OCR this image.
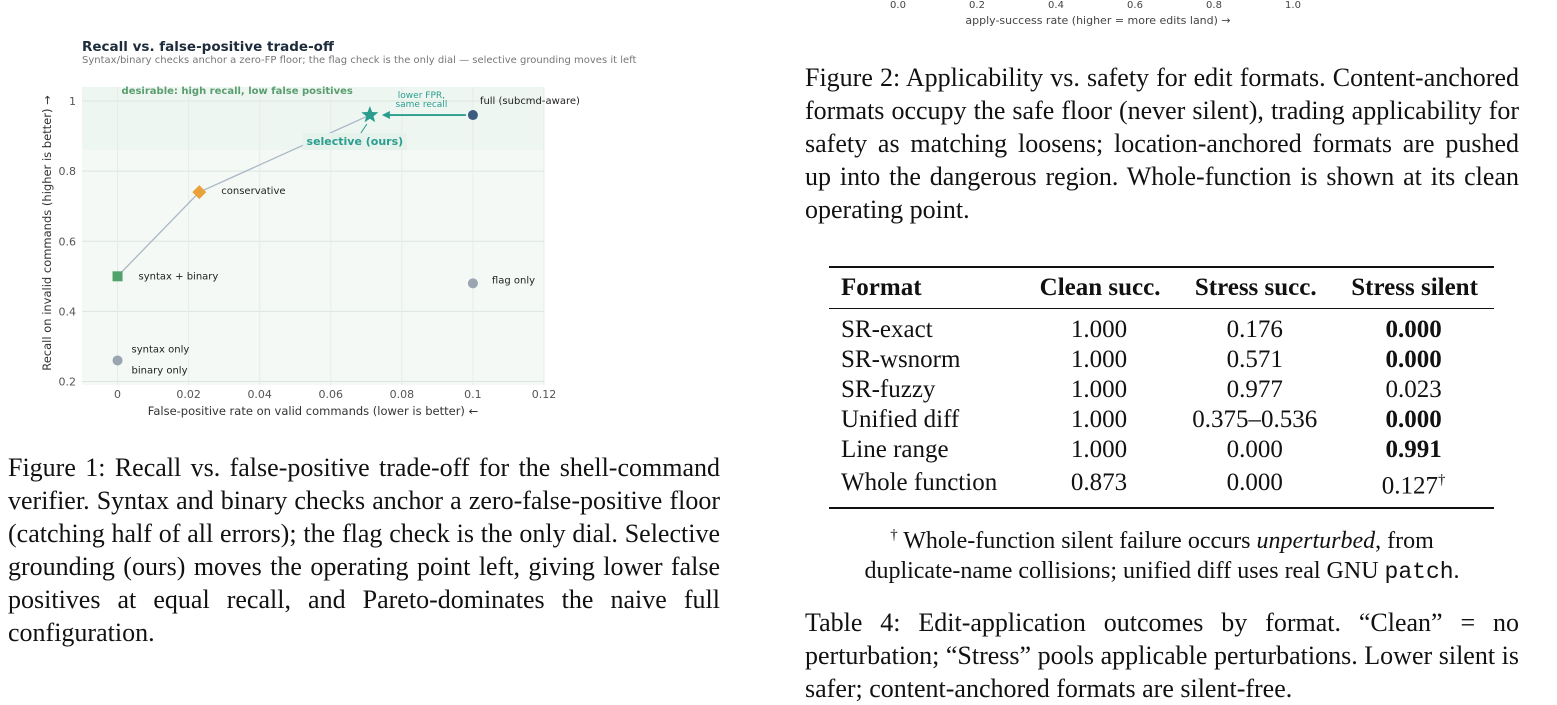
0.0	0.2	0.4	0.6	0.8	1.0
apply-success rate (higher = more edits land) →
0.2
0.4
0.6
0.8
1
0	0.02	0.04	0.06	0.08	0.1	0.12
Recall vs. false-positive trade-off
Syntax/binary checks anchor a zero-FP floor; the flag check is the only dial — selective grounding moves it left
False-positive rate on valid commands (lower is better) ←
Recall on invalid commands (higher is better) →
desirable: high recall, low false positives	lower FPR,
same recall	full (subcmd-aware)
selective (ours)
conservative
syntax + binary	flag only
syntax only
binary only
Figure 1: Recall vs. false-positive trade-off for the shell-command verifier. Syntax and binary checks anchor a zero-false-positive floor (catching half of all errors); the flag check is the only dial. Selective grounding (ours) moves the operating point left, giving lower false positives at equal recall, and Pareto-dominates the naive full configuration.
Figure 2: Applicability vs. safety for edit formats. Content-anchored formats occupy the safe floor (never silent), trading applicability for safety as matching loosens; location-anchored formats are pushed up into the dangerous region. Whole-function is shown at its clean operating point.
Format	Clean succ.	Stress succ.	Stress silent
SR-exact	1.000	0.176	0.000
SR-wsnorm	1.000	0.571	0.000
SR-fuzzy	1.000	0.977	0.023
Unified diff	1.000	0.375–0.536	0.000
Line range	1.000	0.000	0.991
Whole function	0.873	0.000	0.127†
† Whole-function silent failure occurs unperturbed, from
duplicate-name collisions; unified diff uses real GNU patch.
Table 4: Edit-application outcomes by format. “Clean” = no perturbation; “Stress” pools applicable perturbations. Lower silent is safer; content-anchored formats are silent-free.
